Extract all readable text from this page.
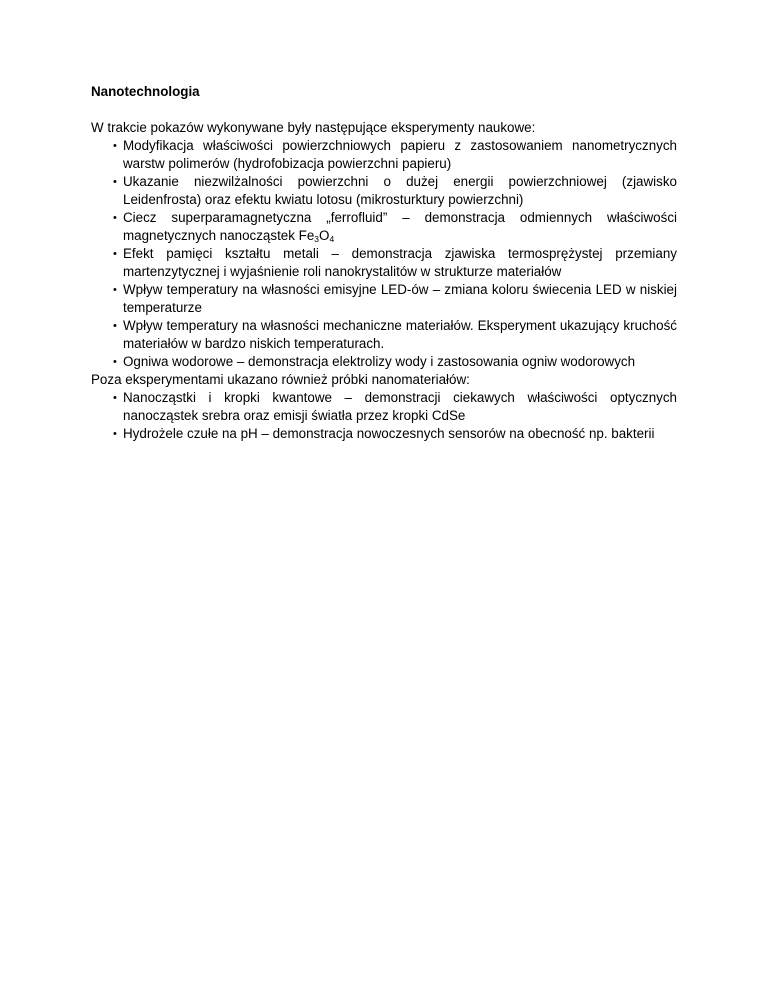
Nanotechnologia

W trakcie pokazów wykonywane były następujące eksperymenty naukowe:

• Modyfikacja właściwości powierzchniowych papieru z zastosowaniem nanometrycznych warstw polimerów (hydrofobizacja powierzchni papieru)
• Ukazanie niezwilżalności powierzchni o dużej energii powierzchniowej (zjawisko Leidenfrosta) oraz efektu kwiatu lotosu (mikrosturktury powierzchni)
• Ciecz superparamagnetyczna „ferrofluid” – demonstracja odmiennych właściwości magnetycznych nanocząstek $Fe_3O_4$
• Efekt pamięci kształtu metali – demonstracja zjawiska termosprężystej przemiany martenzytycznej i wyjaśnienie roli nanokrystalitów w strukturze materiałów
• Wpływ temperatury na własności emisyjne LED-ów – zmiana koloru świecenia LED w niskiej temperaturze
• Wpływ temperatury na własności mechaniczne materiałów. Eksperyment ukazujący kruchość materiałów w bardzo niskich temperaturach.
• Ogniwa wodorowe – demonstracja elektrolizy wody i zastosowania ogniw wodorowych

Poza eksperymentami ukazano również próbki nanomateriałów:

• Nanocząstki i kropki kwantowe – demonstracji ciekawych właściwości optycznych nanocząstek srebra oraz emisji światła przez kropki CdSe
• Hydrożele czułe na pH – demonstracja nowoczesnych sensorów na obecność np. bakterii
